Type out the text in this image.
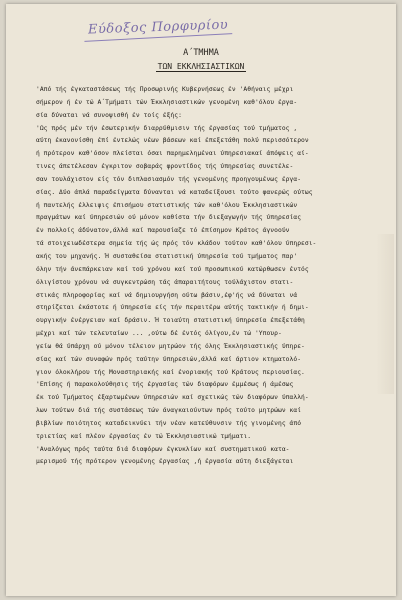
Εύδοξος Πορφυρίου
Α΄ΤΜΗΜΑ
ΤΩΝ ΕΚΚΛΗΣΙΑΣΤΙΚΩΝ
'Από τής έγκαταστάσεως τής Προσωρινής Κυβερνήσεως έν 'Αθήναις μέχρι
σήμερον ή έν τώ Α΄Τμήματι τών Έκκλησιαστικών γενομένη καθ'όλου έργα-
σία δύναται νά συνοψισθή έν τοίς έξής:
'Ως πρός μέν τήν έσωτερικήν διαρρύθμισιν τής έργασίας τού τμήματος ,
αύτη έκανονίσθη έπί έντελώς νέων βάσεων καί έπεξετάθη πολύ περισσότερον
ή πρότερον καθ'όσον πλείσται όσαι παρημελημέναι ύπηρεσιακαί άπόψεις αί-
τινες άπετέλεσαν έγκριτον σοβαράς φροντίδος τής ύπηρεσίας συνετέλε-
σαν τουλάχιστον είς τόν διπλασιασμόν τής γενομένης προηγουμένως έργα-
σίας. Δύο άπλά παραδείγματα δύνανται νά καταδείξουσι τούτο φανερώς ούτως
ή παντελής έλλειψις έπισήμου στατιστικής τών καθ'όλου Έκκλησιαστικών
πραγμάτων καί ύπηρεσιών ού μόνον καθίστα τήν διεξαγωγήν τής ύπηρεσίας
έν πολλοίς άδύνατον,άλλά καί παρουσίαζε τό έπίσημον Κράτος άγνοούν
τά στοιχειωδέστερα σημεία τής ώς πρός τόν κλάδον τούτον καθ'όλου ύπηρεσι-
ακής του μηχανής. Ή συσταθείσα στατιστική ύπηρεσία τού τμήματος παρ'
όλην τήν άνεπάρκειαν καί τού χρόνου καί τού προσωπικού κατώρθωσεν έντός
όλιγίστου χρόνου νά συγκεντρώση τάς άπαραιτήτους τούλάχιστον στατι-
στικάς πληροφορίας καί νά δημιουργήση ούτω βάσιν,έφ'ής νά δύναται νά
στηρίζεται έκάστοτε ή ύπηρεσία είς τήν περαιτέρω αύτής τακτικήν ή δημι-
ουργικήν ένέργειαν καί δράσιν. Ή τοιαύτη στατιστική ύπηρεσία έπεξετάθη
μέχρι καί τών τελευταίων ... ,ούτω δέ έντός όλίγου,έν τώ 'Υπουρ-
γείω θά ύπάρχη ού μόνον τέλειον μητρώον τής όλης Έκκλησιαστικής ύπηρε-
σίας καί τών συναφών πρός ταύτην ύπηρεσιών,άλλά καί άρτιον κτηματολό-
γιον όλοκλήρου τής Μοναστηριακής καί ένοριακής τού Κράτους περιουσίας.
'Επίσης ή παρακολούθησις τής έργασίας τών διαφόρων έμμέσως ή άμέσως
έκ τού Τμήματος έξαρτωμένων ύπηρεσιών καί σχετικώς τών διαφόρων ύπαλλή-
λων τούτων διά τής συστάσεως τών άναγκαιούντων πρός τούτο μητρώων καί
βιβλίων ποιότητος καταδεικνύει τήν νέαν κατεύθυνσιν τής γινομένης άπό
τριετίας καί πλέον έργασίας έν τώ Έκκλησιαστικώ τμήματι.
'Αναλόγως πρός ταύτα διά διαφόρων έγκυκλίων καί συστηματικού κατα-
μερισμού τής πρότερον γενομένης έργασίας ,ή έργασία αύτη διεξάγεται
